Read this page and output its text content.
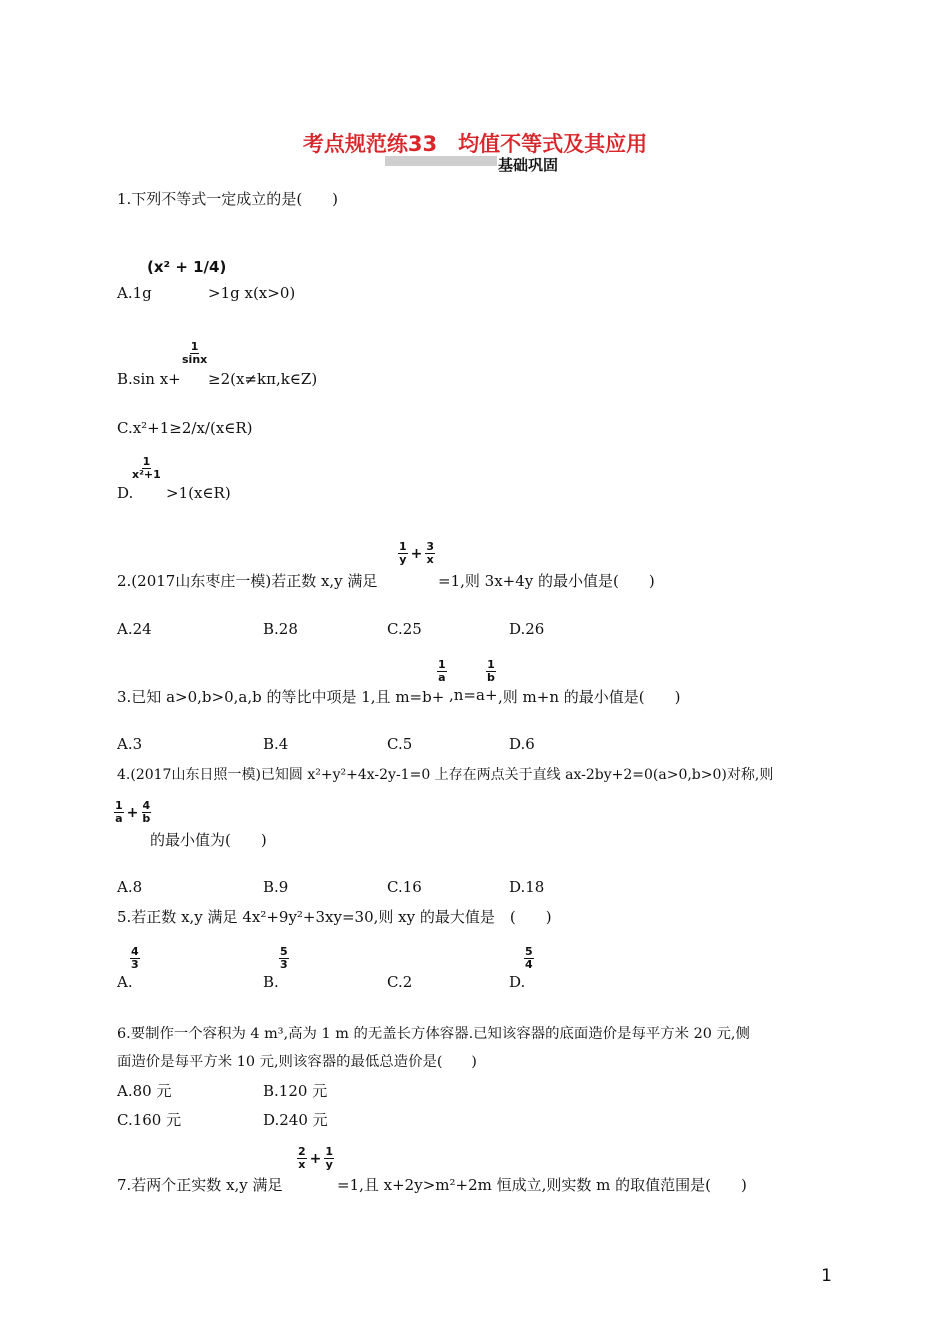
考点规范练33　均值不等式及其应用
基础巩固
1.下列不等式一定成立的是(　　)
(x² + 1/4)
A.1g	>1g x(x>0)
$\frac{1}{\sin x}$
B.sin x+ ≥2(x≠kπ,k∈Z)
C.x²+1≥2/x/(x∈R)
$\frac{1}{\text{x²+1}}$
D. >1(x∈R)
$\frac{1}{y} + \frac{3}{x}$
2.(2017山东枣庄一模)若正数 x,y 满足	=1,则 3x+4y 的最小值是(　　)
A.24	B.28	C.25	D.26
$\frac{1}{a}$	$\frac{1}{b}$
3.已知 a>0,b>0,a,b 的等比中项是 1,且 m=b+ ,n=a+ ,则 m+n 的最小值是(　　)
A.3	B.4	C.5	D.6
4.(2017山东日照一模)已知圆 x²+y²+4x-2y-1=0 上存在两点关于直线 ax-2by+2=0(a>0,b>0)对称,则
$\frac{1}{a} + \frac{4}{b}$
的最小值为(　　)
A.8	B.9	C.16	D.18
5.若正数 x,y 满足 4x²+9y²+3xy=30,则 xy 的最大值是　(　　)
$\frac{4}{3}$	$\frac{5}{3}$	$\frac{5}{4}$
A.	B.	C.2	D.
6.要制作一个容积为 4 m³,高为 1 m 的无盖长方体容器.已知该容器的底面造价是每平方米 20 元,侧
面造价是每平方米 10 元,则该容器的最低总造价是(　　)
A.80 元	B.120 元
C.160 元	D.240 元
$\frac{2}{x} + \frac{1}{y}$
7.若两个正实数 x,y 满足	=1,且 x+2y>m²+2m 恒成立,则实数 m 的取值范围是(　　)
1
